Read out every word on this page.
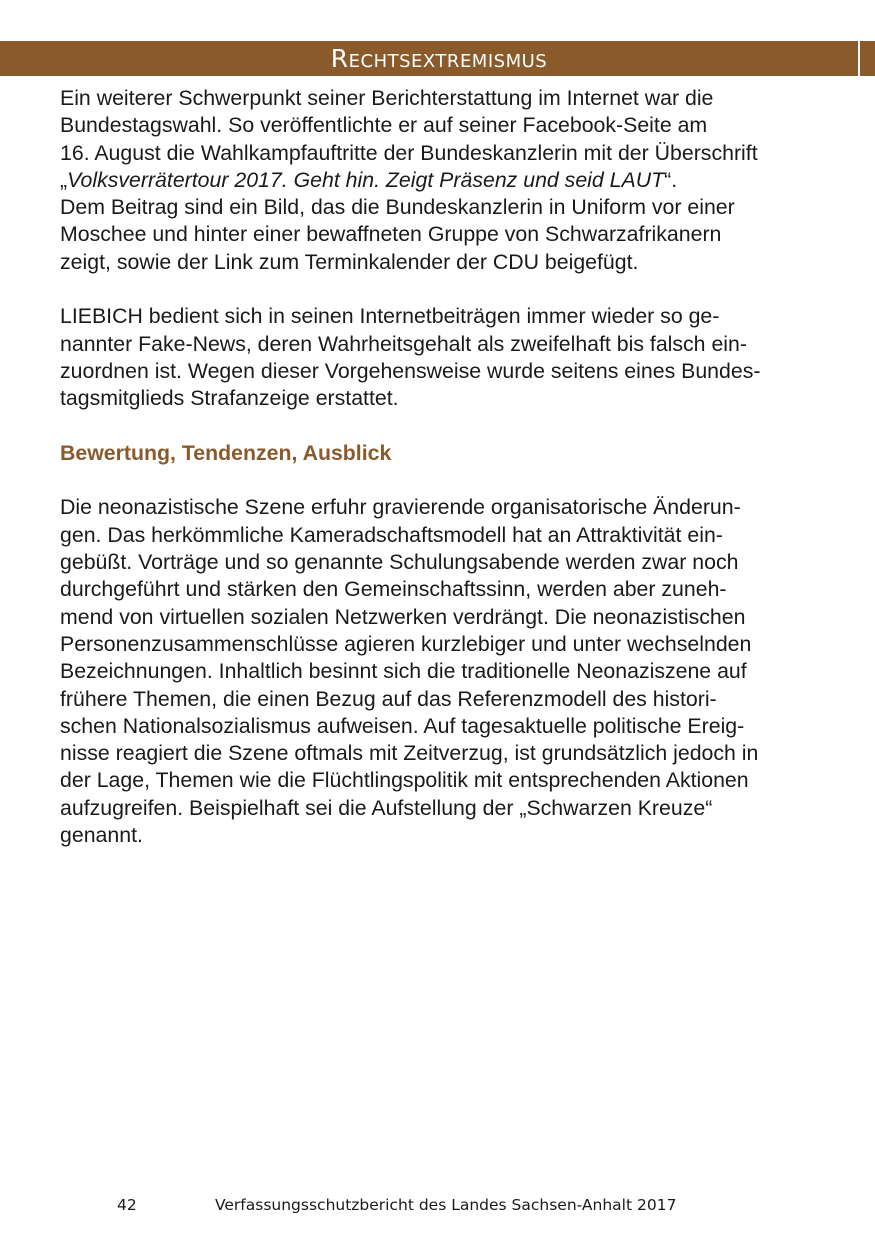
Rechtsextremismus

Ein weiterer Schwerpunkt seiner Berichterstattung im Internet war die
Bundestagswahl. So veröffentlichte er auf seiner Facebook-Seite am
16. August die Wahlkampfauftritte der Bundeskanzlerin mit der Überschrift
„Volksverrätertour 2017. Geht hin. Zeigt Präsenz und seid LAUT“.
Dem Beitrag sind ein Bild, das die Bundeskanzlerin in Uniform vor einer
Moschee und hinter einer bewaffneten Gruppe von Schwarzafrikanern
zeigt, sowie der Link zum Terminkalender der CDU beigefügt.

LIEBICH bedient sich in seinen Internetbeiträgen immer wieder so ge-
nannter Fake-News, deren Wahrheitsgehalt als zweifelhaft bis falsch ein-
zuordnen ist. Wegen dieser Vorgehensweise wurde seitens eines Bundes-
tagsmitglieds Strafanzeige erstattet.

Bewertung, Tendenzen, Ausblick

Die neonazistische Szene erfuhr gravierende organisatorische Änderun-
gen. Das herkömmliche Kameradschaftsmodell hat an Attraktivität ein-
gebüßt. Vorträge und so genannte Schulungsabende werden zwar noch
durchgeführt und stärken den Gemeinschaftssinn, werden aber zuneh-
mend von virtuellen sozialen Netzwerken verdrängt. Die neonazistischen
Personenzusammenschlüsse agieren kurzlebiger und unter wechselnden
Bezeichnungen. Inhaltlich besinnt sich die traditionelle Neonaziszene auf
frühere Themen, die einen Bezug auf das Referenzmodell des histori-
schen Nationalsozialismus aufweisen. Auf tagesaktuelle politische Ereig-
nisse reagiert die Szene oftmals mit Zeitverzug, ist grundsätzlich jedoch in
der Lage, Themen wie die Flüchtlingspolitik mit entsprechenden Aktionen
aufzugreifen. Beispielhaft sei die Aufstellung der „Schwarzen Kreuze“
genannt.

42	Verfassungsschutzbericht des Landes Sachsen-Anhalt 2017
